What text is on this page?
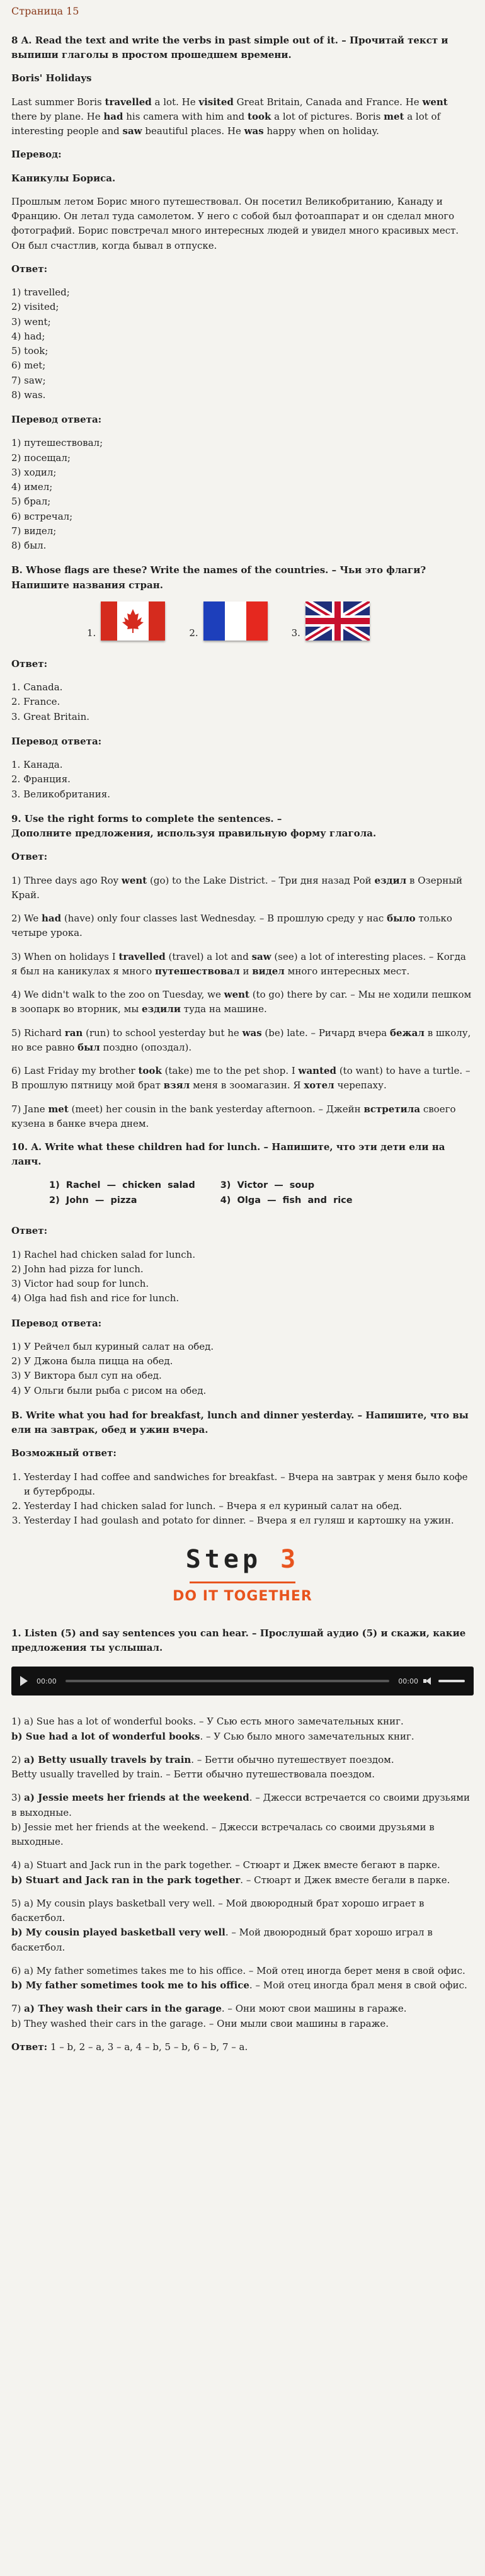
Страница 15
8 A. Read the text and write the verbs in past simple out of it. – Прочитай текст и выпиши глаголы в простом прошедшем времени.
Boris' Holidays

Last summer Boris travelled a lot. He visited Great Britain, Canada and France. He went there by plane. He had his camera with him and took a lot of pictures. Boris met a lot of interesting people and saw beautiful places. He was happy when on holiday.

Перевод:
Каникулы Бориса.

Прошлым летом Борис много путешествовал. Он посетил Великобританию, Канаду и Францию. Он летал туда самолетом. У него с собой был фотоаппарат и он сделал много фотографий. Борис повстречал много интересных людей и увидел много красивых мест. Он был счастлив, когда бывал в отпуске.

Ответ:
1) travelled;
2) visited;
3) went;
4) had;
5) took;
6) met;
7) saw;
8) was.
Перевод ответа:
1) путешествовал;
2) посещал;
3) ходил;
4) имел;
5) брал;
6) встречал;
7) видел;
8) был.
B. Whose flags are these? Write the names of the countries. – Чьи это флаги? Напишите названия стран.
1.	2.	3.
Ответ:
1. Canada.
2. France.
3. Great Britain.
Перевод ответа:
1. Канада.
2. Франция.
3. Великобритания.
9. Use the right forms to complete the sentences. –
Дополните предложения, используя правильную форму глагола.
Ответ:

1) Three days ago Roy went (go) to the Lake District. – Три дня назад Рой ездил в Озерный Край.

2) We had (have) only four classes last Wednesday. – В прошлую среду у нас было только четыре урока.

3) When on holidays I travelled (travel) a lot and saw (see) a lot of interesting places. – Когда я был на каникулах я много путешествовал и видел много интересных мест.

4) We didn't walk to the zoo on Tuesday, we went (to go) there by car. – Мы не ходили пешком в зоопарк во вторник, мы ездили туда на машине.

5) Richard ran (run) to school yesterday but he was (be) late. – Ричард вчера бежал в школу, но все равно был поздно (опоздал).

6) Last Friday my brother took (take) me to the pet shop. I wanted (to want) to have a turtle. – В прошлую пятницу мой брат взял меня в зоомагазин. Я хотел черепаху.

7) Jane met (meet) her cousin in the bank yesterday afternoon. – Джейн встретила своего кузена в банке вчера днем.

10. A. Write what these children had for lunch. – Напишите, что эти дети ели на ланч.
1)  Rachel  —  chicken  salad	3)  Victor  —  soup
2)  John  —  pizza	4)  Olga  —  fish  and  rice
Ответ:
1) Rachel had chicken salad for lunch.
2) John had pizza for lunch.
3) Victor had soup for lunch.
4) Olga had fish and rice for lunch.
Перевод ответа:
1) У Рейчел был куриный салат на обед.
2) У Джона была пицца на обед.
3) У Виктора был суп на обед.
4) У Ольги были рыба с рисом на обед.
B. Write what you had for breakfast, lunch and dinner yesterday. – Напишите, что вы ели на завтрак, обед и ужин вчера.
Возможный ответ:
1. Yesterday I had coffee and sandwiches for breakfast. – Вчера на завтрак у меня было кофе и бутерброды.
2. Yesterday I had chicken salad for lunch. – Вчера я ел куриный салат на обед.
3. Yesterday I had goulash and potato for dinner. – Вчера я ел гуляш и картошку на ужин.
Step 3
DO IT TOGETHER
1. Listen (5) and say sentences you can hear. – Прослушай аудио (5) и скажи, какие предложения ты услышал.
00:00	00:00
1) a) Sue has a lot of wonderful books. – У Сью есть много замечательных книг.
b) Sue had a lot of wonderful books. – У Сью было много замечательных книг.
2) a) Betty usually travels by train. – Бетти обычно путешествует поездом.
Betty usually travelled by train. – Бетти обычно путешествовала поездом.
3) a) Jessie meets her friends at the weekend. – Джесси встречается со своими друзьями в выходные.
b) Jessie met her friends at the weekend. – Джесси встречалась со своими друзьями в выходные.
4) a) Stuart and Jack run in the park together. – Стюарт и Джек вместе бегают в парке.
b) Stuart and Jack ran in the park together. – Стюарт и Джек вместе бегали в парке.
5) a) My cousin plays basketball very well. – Мой двоюродный брат хорошо играет в баскетбол.
b) My cousin played basketball very well. – Мой двоюродный брат хорошо играл в баскетбол.
6) a) My father sometimes takes me to his office. – Мой отец иногда берет меня в свой офис.
b) My father sometimes took me to his office. – Мой отец иногда брал меня в свой офис.
7) a) They wash their cars in the garage. – Они моют свои машины в гараже.
b) They washed their cars in the garage. – Они мыли свои машины в гараже.

Ответ: 1 – b, 2 – a, 3 – a, 4 – b, 5 – b, 6 – b, 7 – a.
